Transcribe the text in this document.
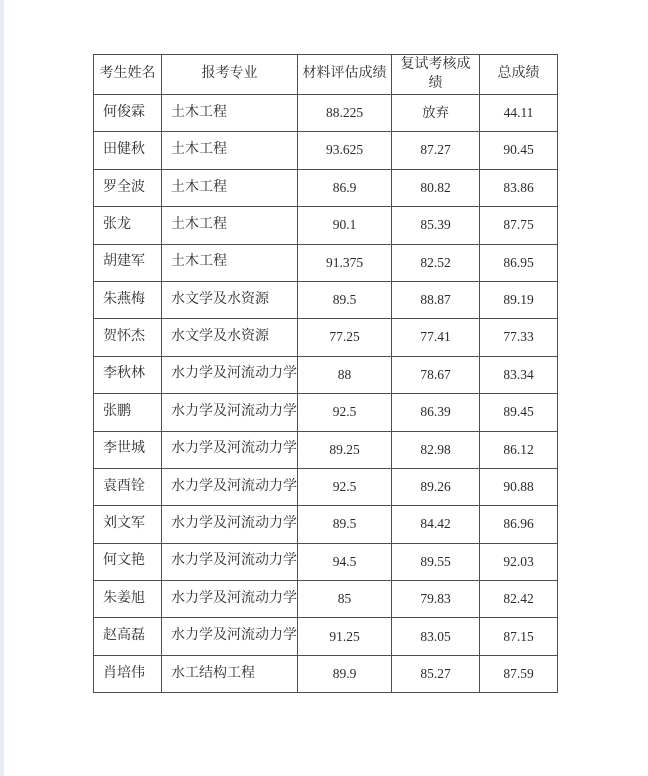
考生姓名	报考专业	材料评估成绩	复试考核成绩	总成绩
何俊霖	土木工程	88.225	放弃	44.11
田健秋	土木工程	93.625	87.27	90.45
罗全波	土木工程	86.9	80.82	83.86
张龙	土木工程	90.1	85.39	87.75
胡建军	土木工程	91.375	82.52	86.95
朱燕梅	水文学及水资源	89.5	88.87	89.19
贺怀杰	水文学及水资源	77.25	77.41	77.33
李秋林	水力学及河流动力学	88	78.67	83.34
张鹏	水力学及河流动力学	92.5	86.39	89.45
李世城	水力学及河流动力学	89.25	82.98	86.12
袁酉铨	水力学及河流动力学	92.5	89.26	90.88
刘文军	水力学及河流动力学	89.5	84.42	86.96
何文艳	水力学及河流动力学	94.5	89.55	92.03
朱姜旭	水力学及河流动力学	85	79.83	82.42
赵高磊	水力学及河流动力学	91.25	83.05	87.15
肖培伟	水工结构工程	89.9	85.27	87.59
